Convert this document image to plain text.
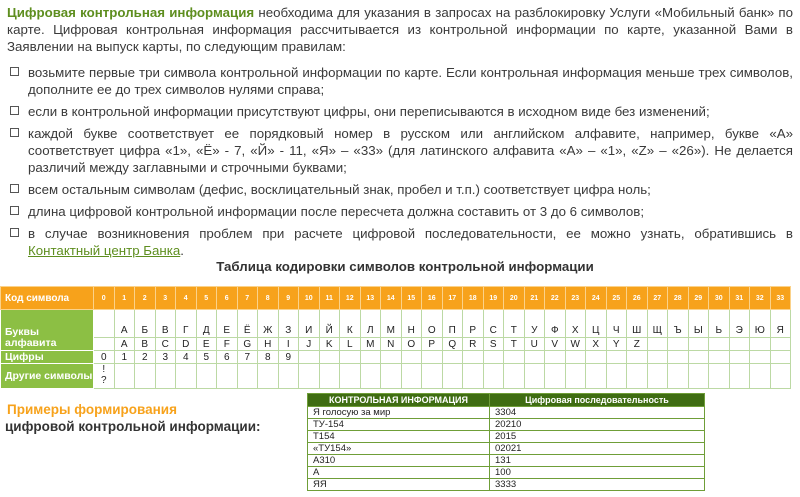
Цифровая контрольная информация необходима для указания в запросах на разблокировку Услуги «Мобильный банк» по карте. Цифровая контрольная информация рассчитывается из контрольной информации по карте, указанной Вами в Заявлении на выпуск карты, по следующим правилам:
возьмите первые три символа контрольной информации по карте. Если контрольная информация меньше трех символов, дополните ее до трех символов нулями справа;
если в контрольной информации присутствуют цифры, они переписываются в исходном виде без изменений;
каждой букве соответствует ее порядковый номер в русском или английском алфавите, например, букве «А» соответствует цифра «1», «Ё» - 7, «Й» - 11, «Я» – «33» (для латинского алфавита «А» – «1», «Z» – «26»). Не делается различий между заглавными и строчными буквами;
всем остальным символам (дефис, восклицательный знак, пробел и т.п.) соответствует цифра ноль;
длина цифровой контрольной информации после пересчета должна составить от 3 до 6 символов;
в случае возникновения проблем при расчете цифровой последовательности, ее можно узнать, обратившись в Контактный центр Банка.
Таблица кодировки символов контрольной информации
Код символа	0	1	2	3	4	5	6	7	8	9	10	11	12	13	14	15	16	17	18	19	20	21	22	23	24	25	26	27	28	29	30	31	32	33
Буквы алфавита		А	Б	В	Г	Д	Е	Ё	Ж	З	И	Й	К	Л	М	Н	О	П	Р	С	Т	У	Ф	Х	Ц	Ч	Ш	Щ	Ъ	Ы	Ь	Э	Ю	Я
		A	B	C	D	E	F	G	H	I	J	K	L	M	N	O	P	Q	R	S	T	U	V	W	X	Y	Z							
Цифры	0	1	2	3	4	5	6	7	8	9																								
Другие символы	!
?																																	
Примеры формирования
цифровой контрольной информации:
КОНТРОЛЬНАЯ ИНФОРМАЦИЯ	Цифровая последовательность
Я голосую за мир	3304
ТУ-154	20210
Т154	2015
«ТУ154»	02021
А310	131
А	100
ЯЯ	3333
